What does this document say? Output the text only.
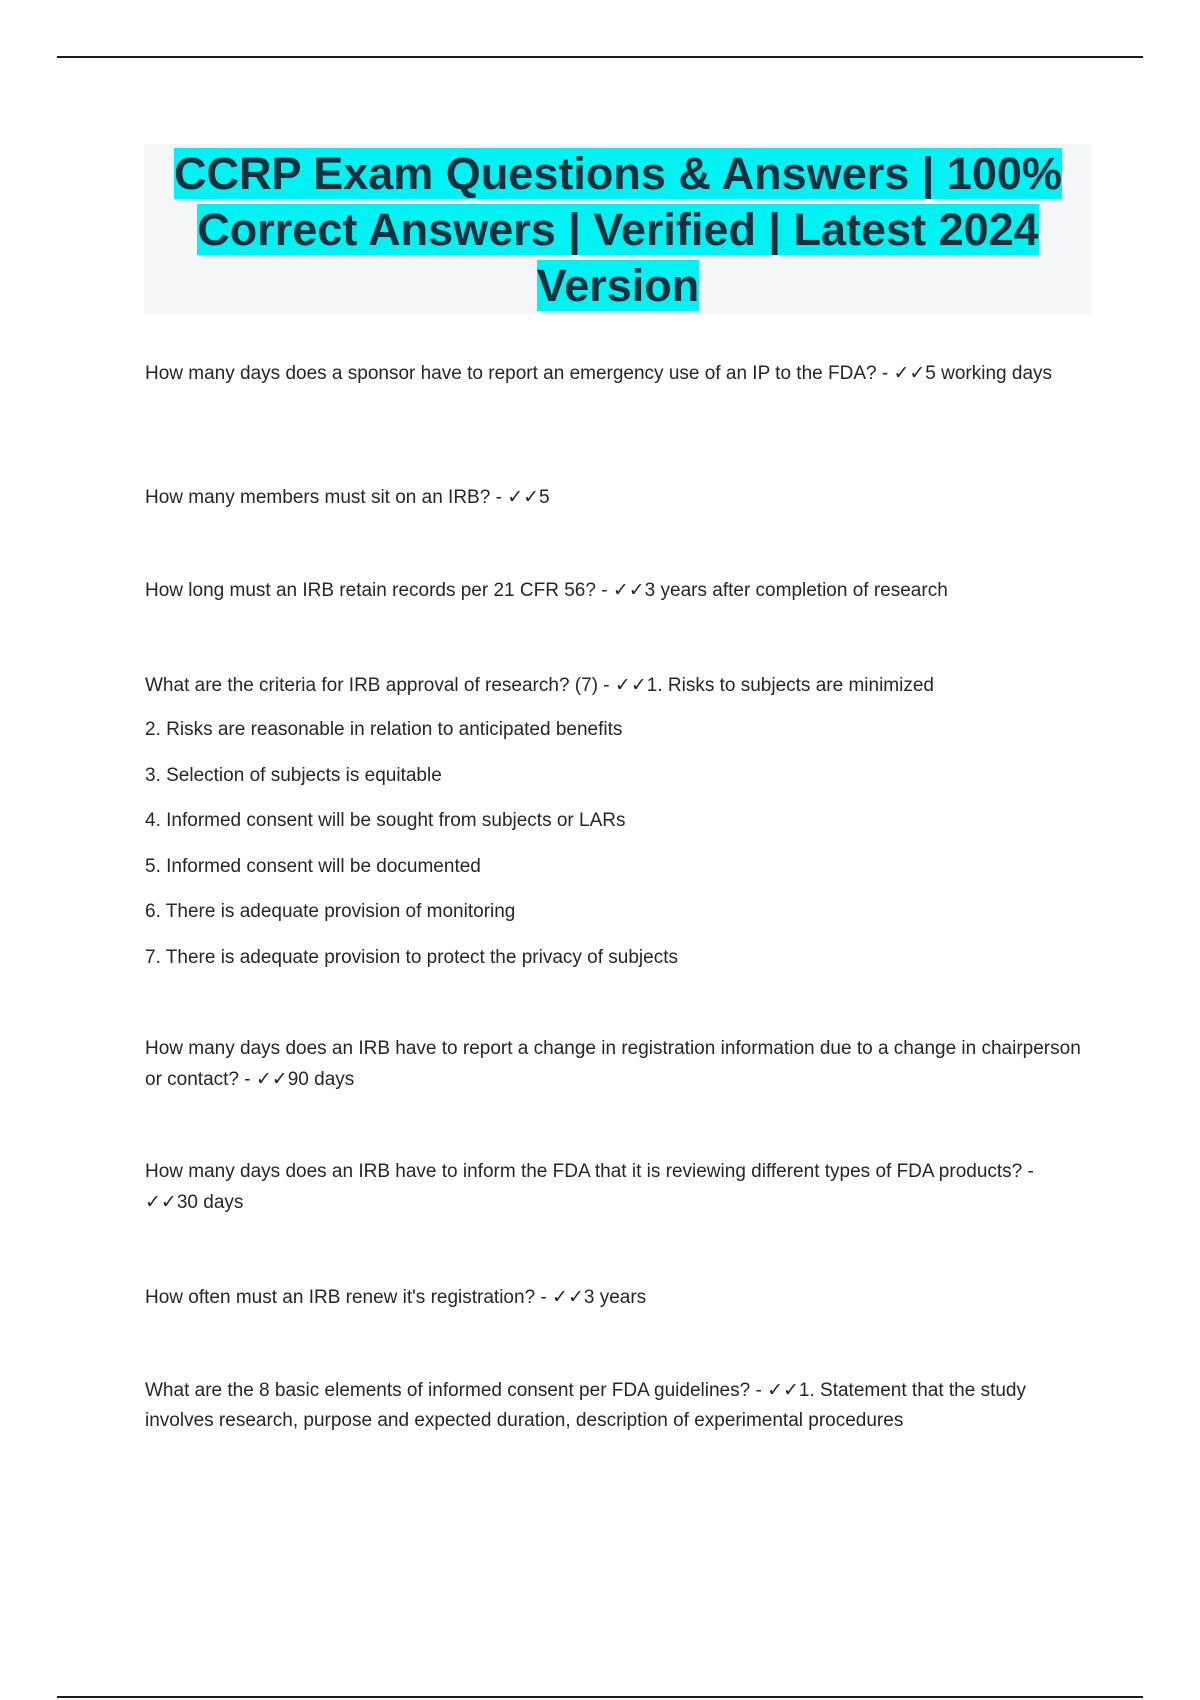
CCRP Exam Questions & Answers | 100% Correct Answers | Verified | Latest 2024 Version

How many days does a sponsor have to report an emergency use of an IP to the FDA? - ✓✓5 working days

How many members must sit on an IRB? - ✓✓5

How long must an IRB retain records per 21 CFR 56? - ✓✓3 years after completion of research

What are the criteria for IRB approval of research? (7) - ✓✓1. Risks to subjects are minimized

2. Risks are reasonable in relation to anticipated benefits

3. Selection of subjects is equitable

4. Informed consent will be sought from subjects or LARs

5. Informed consent will be documented

6. There is adequate provision of monitoring

7. There is adequate provision to protect the privacy of subjects

How many days does an IRB have to report a change in registration information due to a change in chairperson or contact? - ✓✓90 days

How many days does an IRB have to inform the FDA that it is reviewing different types of FDA products? - ✓✓30 days

How often must an IRB renew it's registration? - ✓✓3 years

What are the 8 basic elements of informed consent per FDA guidelines? - ✓✓1. Statement that the study involves research, purpose and expected duration, description of experimental procedures
